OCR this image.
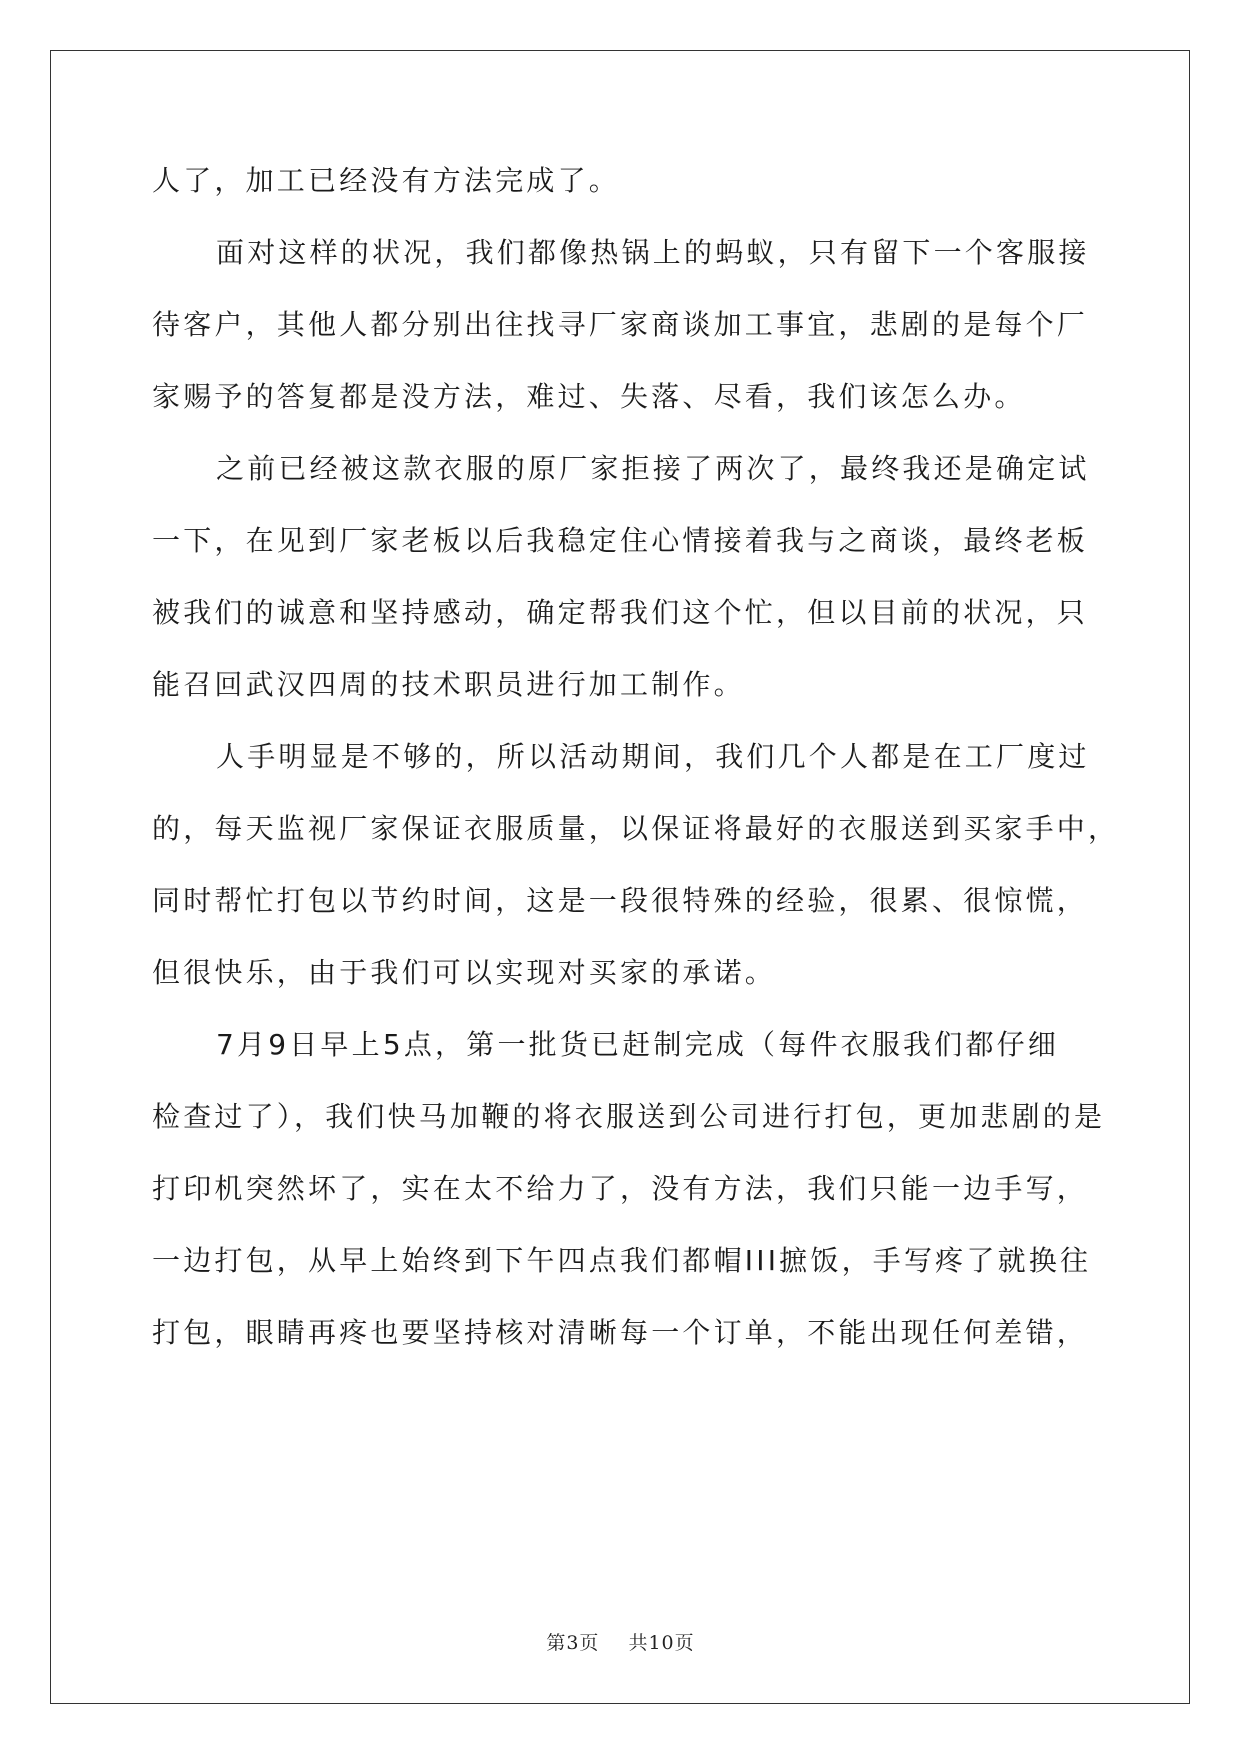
人了，加工已经没有方法完成了。
面对这样的状况，我们都像热锅上的蚂蚁，只有留下一个客服接
待客户，其他人都分别出往找寻厂家商谈加工事宜，悲剧的是每个厂
家赐予的答复都是没方法，难过、失落、尽看，我们该怎么办。
之前已经被这款衣服的原厂家拒接了两次了，最终我还是确定试
一下，在见到厂家老板以后我稳定住心情接着我与之商谈，最终老板
被我们的诚意和坚持感动，确定帮我们这个忙，但以目前的状况，只
能召回武汉四周的技术职员进行加工制作。
人手明显是不够的，所以活动期间，我们几个人都是在工厂度过
的，每天监视厂家保证衣服质量，以保证将最好的衣服送到买家手中，
同时帮忙打包以节约时间，这是一段很特殊的经验，很累、很惊慌，
但很快乐，由于我们可以实现对买家的承诺。
7月9日早上5点，第一批货已赶制完成（每件衣服我们都仔细
检查过了），我们快马加鞭的将衣服送到公司进行打包，更加悲剧的是
打印机突然坏了，实在太不给力了，没有方法，我们只能一边手写，
一边打包，从早上始终到下午四点我们都帽III摭饭，手写疼了就换往
打包，眼睛再疼也要坚持核对清晰每一个订单，不能出现任何差错，
第3页 共10页
